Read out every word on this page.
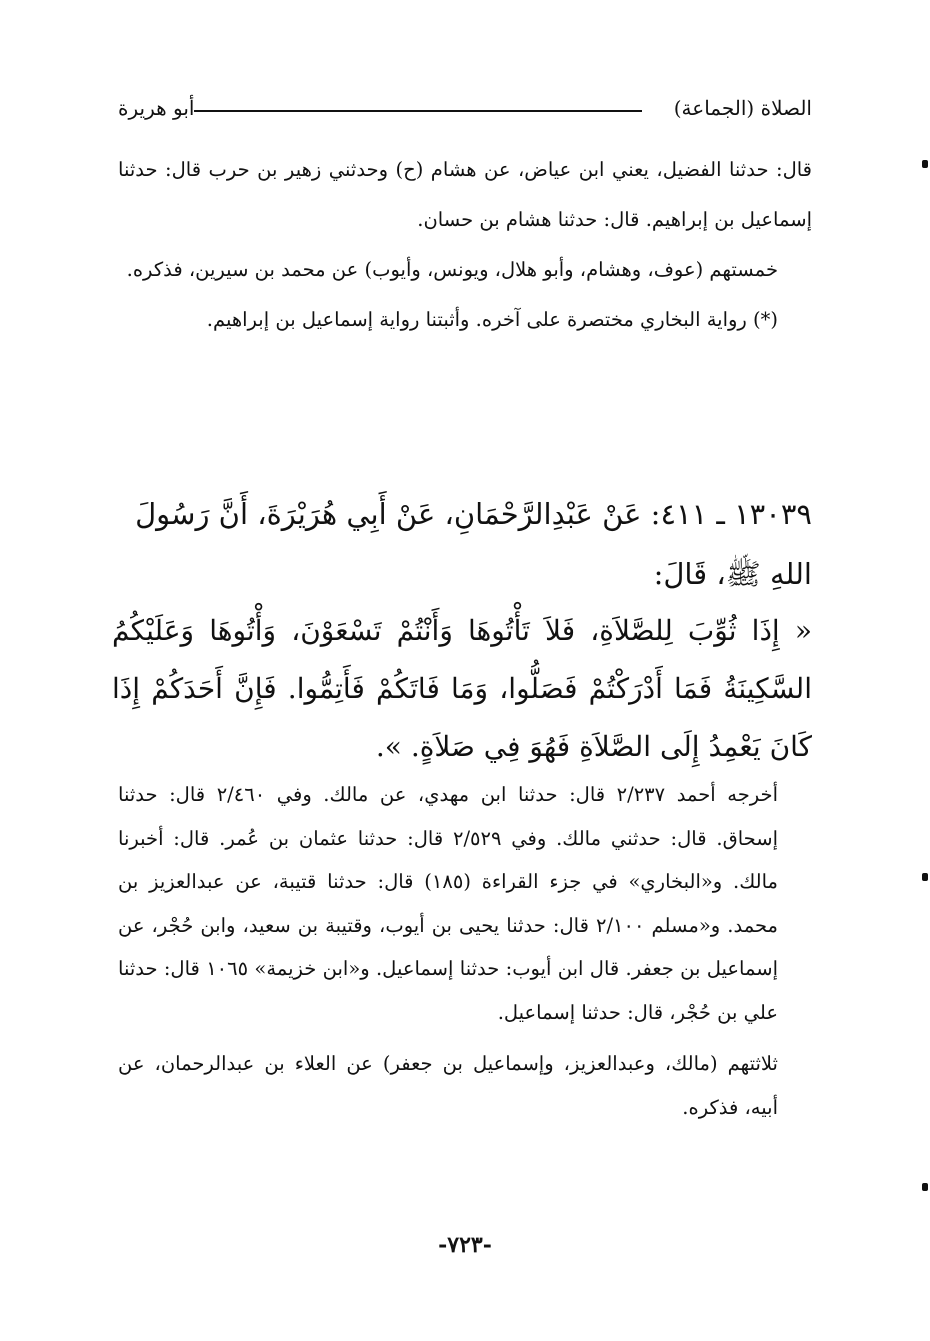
الصلاة (الجماعة)
أبو هريرة

قال: حدثنا الفضيل، يعني ابن عياض، عن هشام (ح) وحدثني زهير بن حرب قال: حدثنا إسماعيل بن إبراهيم. قال: حدثنا هشام بن حسان.

خمستهم (عوف، وهشام، وأبو هلال، ويونس، وأيوب) عن محمد بن سيرين، فذكره.

(*) رواية البخاري مختصرة على آخره. وأثبتنا رواية إسماعيل بن إبراهيم.

١٣٠٣٩ ـ ٤١١: عَنْ عَبْدِالرَّحْمَانِ، عَنْ أَبِي هُرَيْرَةَ، أَنَّ رَسُولَ اللهِ ﷺ، قَالَ:

« إِذَا ثُوِّبَ لِلصَّلاَةِ، فَلاَ تَأْتُوهَا وَأَنْتُمْ تَسْعَوْنَ، وَأْتُوهَا وَعَلَيْكُمُ السَّكِينَةُ فَمَا أَدْرَكْتُمْ فَصَلُّوا، وَمَا فَاتَكُمْ فَأَتِمُّوا. فَإِنَّ أَحَدَكُمْ إِذَا كَانَ يَعْمِدُ إِلَى الصَّلاَةِ فَهُوَ فِي صَلاَةٍ. ».

أخرجه أحمد ٢/٢٣٧ قال: حدثنا ابن مهدي، عن مالك. وفي ٢/٤٦٠ قال: حدثنا إسحاق. قال: حدثني مالك. وفي ٢/٥٢٩ قال: حدثنا عثمان بن عُمر. قال: أخبرنا مالك. و«البخاري» في جزء القراءة (١٨٥) قال: حدثنا قتيبة، عن عبدالعزيز بن محمد. و«مسلم ٢/١٠٠ قال: حدثنا يحيى بن أيوب، وقتيبة بن سعيد، وابن حُجْر، عن إسماعيل بن جعفر. قال ابن أيوب: حدثنا إسماعيل. و«ابن خزيمة» ١٠٦٥ قال: حدثنا علي بن حُجْر، قال: حدثنا إسماعيل.

ثلاثتهم (مالك، وعبدالعزيز، وإسماعيل بن جعفر) عن العلاء بن عبدالرحمان، عن أبيه، فذكره.

-٧٢٣-
